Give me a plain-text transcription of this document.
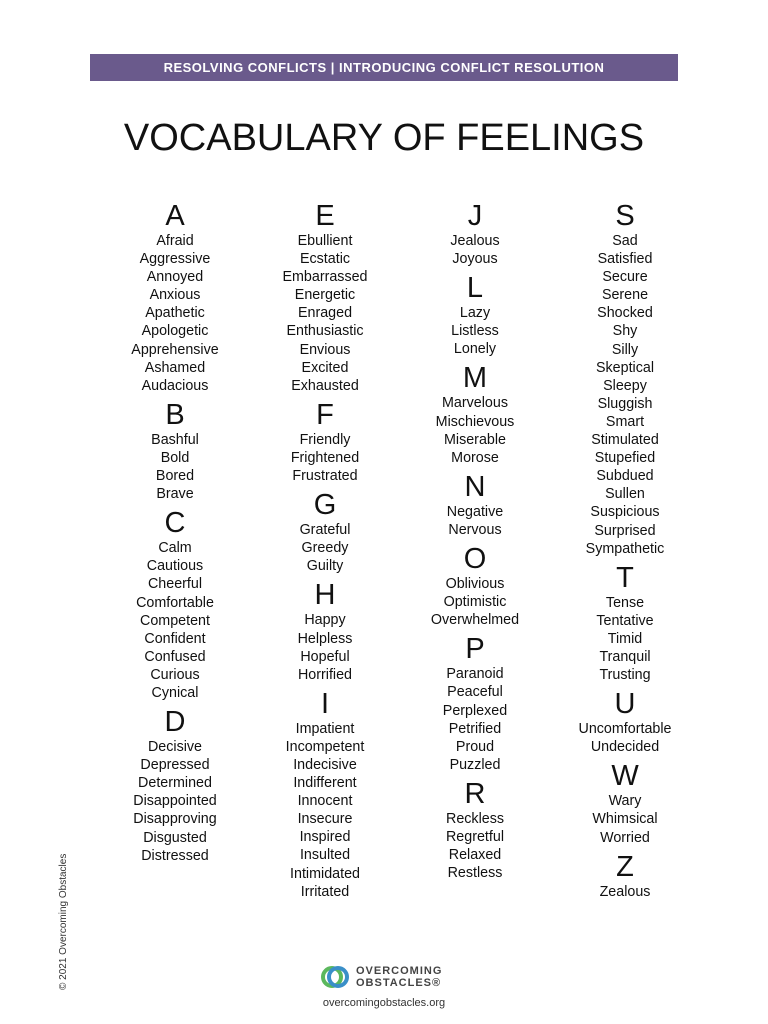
RESOLVING CONFLICTS | INTRODUCING CONFLICT RESOLUTION
VOCABULARY OF FEELINGS
A
Afraid
Aggressive
Annoyed
Anxious
Apathetic
Apologetic
Apprehensive
Ashamed
Audacious
B
Bashful
Bold
Bored
Brave
C
Calm
Cautious
Cheerful
Comfortable
Competent
Confident
Confused
Curious
Cynical
D
Decisive
Depressed
Determined
Disappointed
Disapproving
Disgusted
Distressed
E
Ebullient
Ecstatic
Embarrassed
Energetic
Enraged
Enthusiastic
Envious
Excited
Exhausted
F
Friendly
Frightened
Frustrated
G
Grateful
Greedy
Guilty
H
Happy
Helpless
Hopeful
Horrified
I
Impatient
Incompetent
Indecisive
Indifferent
Innocent
Insecure
Inspired
Insulted
Intimidated
Irritated
J
Jealous
Joyous
L
Lazy
Listless
Lonely
M
Marvelous
Mischievous
Miserable
Morose
N
Negative
Nervous
O
Oblivious
Optimistic
Overwhelmed
P
Paranoid
Peaceful
Perplexed
Petrified
Proud
Puzzled
R
Reckless
Regretful
Relaxed
Restless
S
Sad
Satisfied
Secure
Serene
Shocked
Shy
Silly
Skeptical
Sleepy
Sluggish
Smart
Stimulated
Stupefied
Subdued
Sullen
Suspicious
Surprised
Sympathetic
T
Tense
Tentative
Timid
Tranquil
Trusting
U
Uncomfortable
Undecided
W
Wary
Whimsical
Worried
Z
Zealous
© 2021 Overcoming Obstacles	OVERCOMING
OBSTACLES®
overcomingobstacles.org
